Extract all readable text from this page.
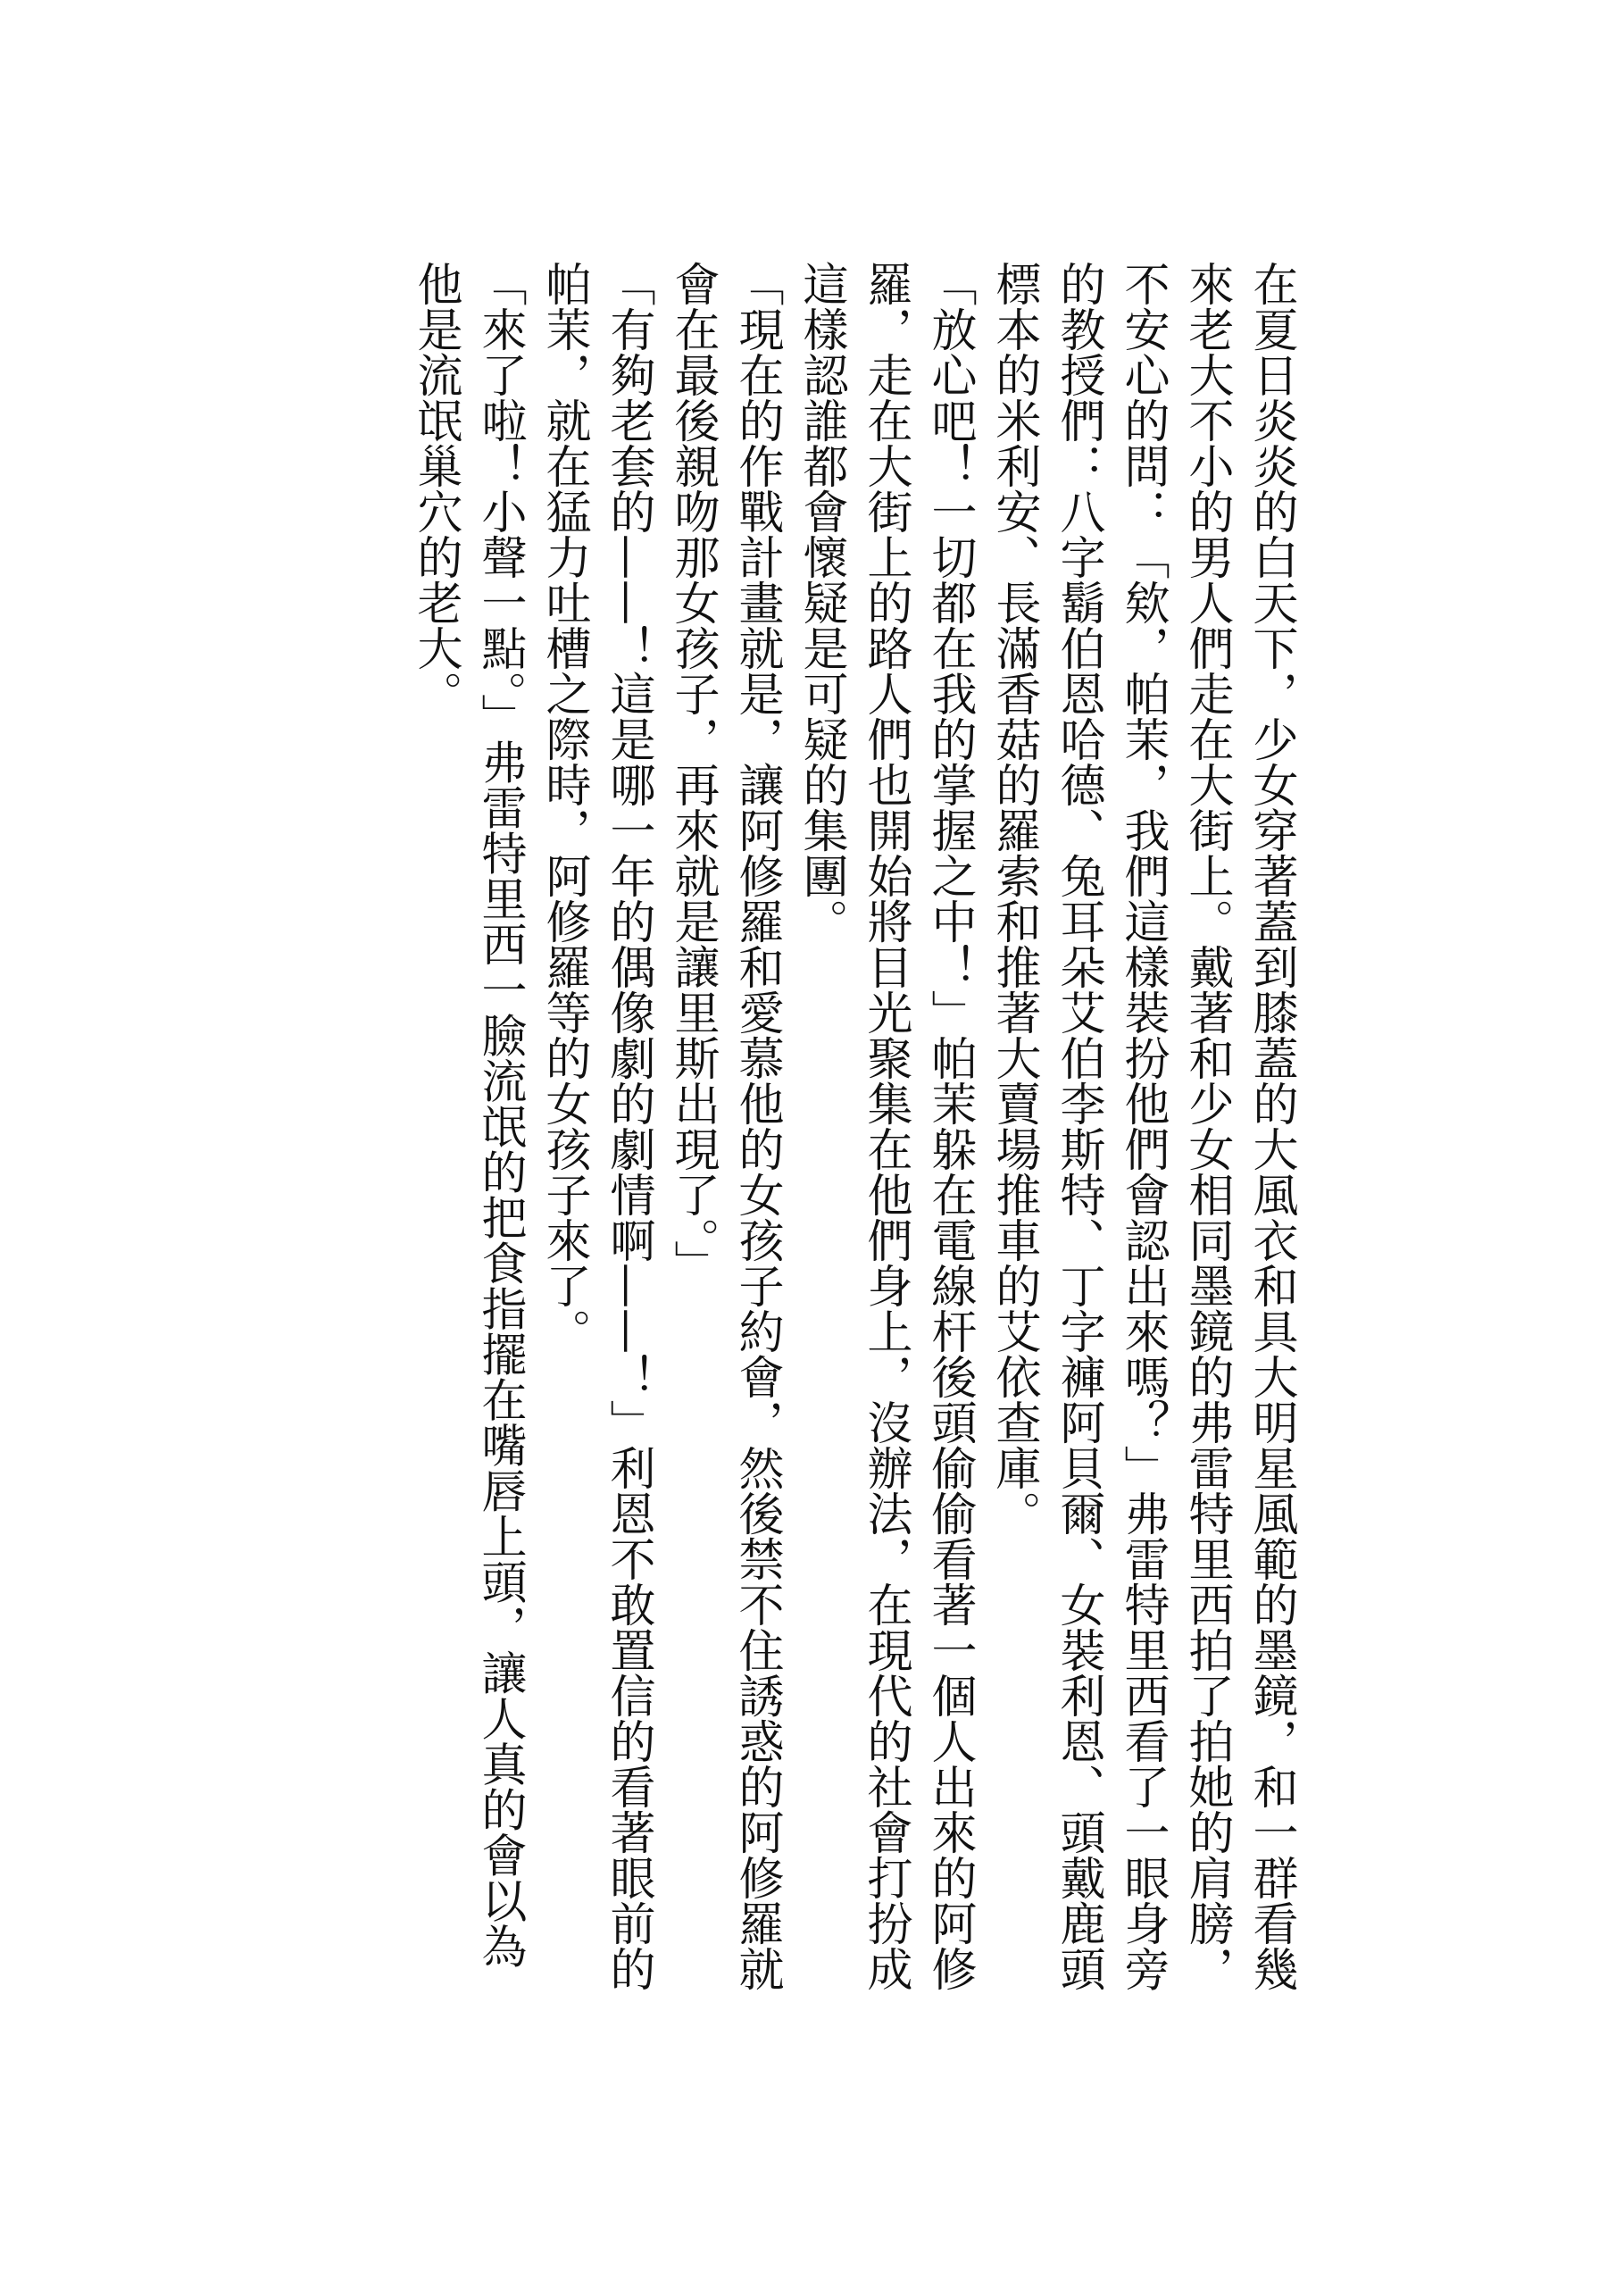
在夏日炎炎的白天下，少女穿著蓋到膝蓋的大風衣和具大明星風範的墨鏡，和一群看幾來老大不小的男人們走在大街上。戴著和少女相同墨鏡的弗雷特里西拍了拍她的肩膀，不安心的問：「欸，帕茉，我們這樣裝扮他們會認出來嗎？」弗雷特里西看了一眼身旁的教授們：八字鬍伯恩哈德、兔耳朵艾伯李斯特、丁字褲阿貝爾、女裝利恩、頭戴鹿頭標本的米利安、長滿香菇的羅索和推著大賣場推車的艾依查庫。

「放心吧！一切都在我的掌握之中！」帕茉躲在電線杆後頭偷偷看著一個人出來的阿修羅，走在大街上的路人們也開始將目光聚集在他們身上，沒辦法，在現代的社會打扮成這樣認誰都會懷疑是可疑的集團。

「現在的作戰計畫就是，讓阿修羅和愛慕他的女孩子約會，然後禁不住誘惑的阿修羅就會在最後親吻那女孩子，再來就是讓里斯出現了。」

「有夠老套的——！這是哪一年的偶像劇的劇情啊——！」利恩不敢置信的看著眼前的帕茉，就在猛力吐槽之際時，阿修羅等的女孩子來了。

「來了啦！小聲一點。」弗雷特里西一臉流氓的把食指擺在嘴唇上頭，讓人真的會以為他是流氓巢穴的老大。
